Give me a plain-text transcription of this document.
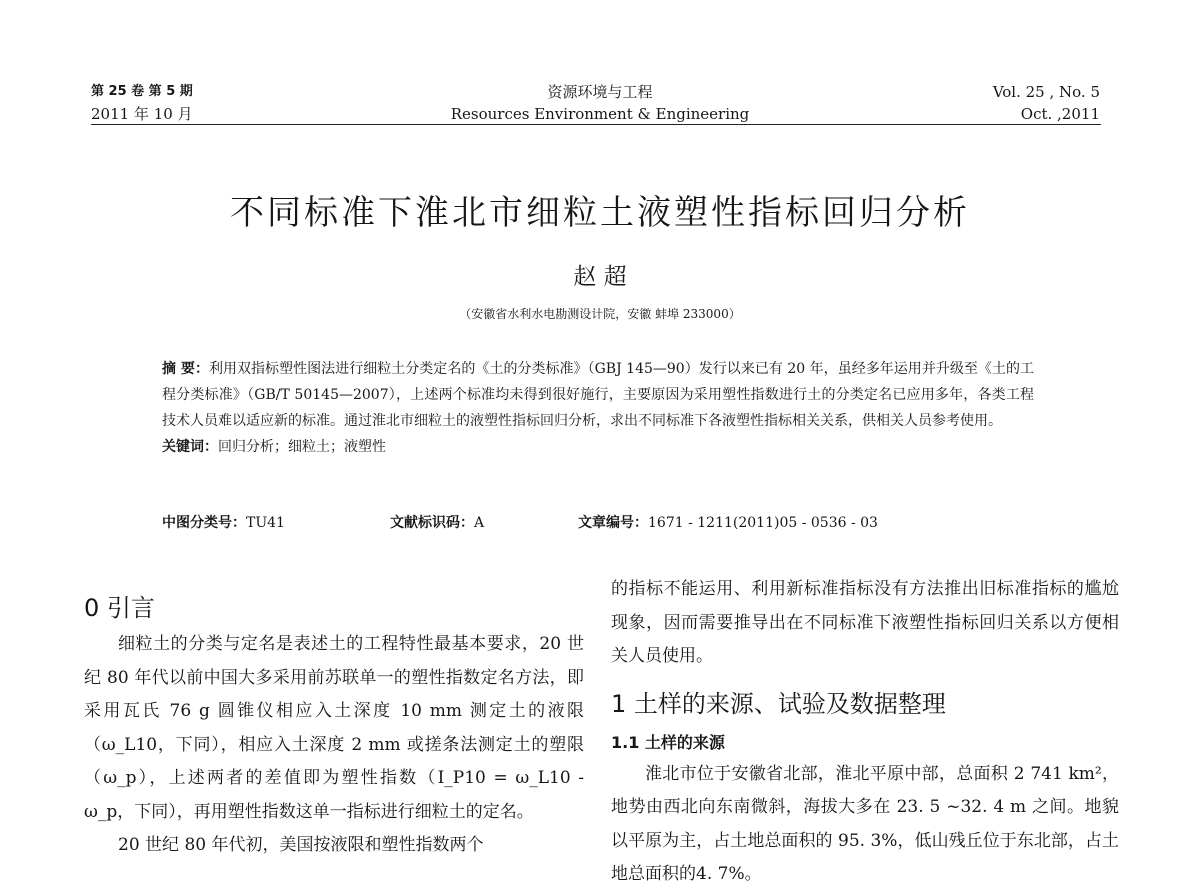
第 25 卷 第 5 期
2011 年 10 月
资源环境与工程
Resources Environment & Engineering
Vol. 25 , No. 5
Oct. ,2011
不同标准下淮北市细粒土液塑性指标回归分析
赵 超
（安徽省水利水电勘测设计院，安徽 蚌埠 233000）

摘 要：利用双指标塑性图法进行细粒土分类定名的《土的分类标准》（GBJ 145—90）发行以来已有 20 年，虽经多年运用并升级至《土的工程分类标准》（GB/T 50145—2007），上述两个标准均未得到很好施行，主要原因为采用塑性指数进行土的分类定名已应用多年，各类工程技术人员难以适应新的标准。通过淮北市细粒土的液塑性指标回归分析，求出不同标准下各液塑性指标相关关系，供相关人员参考使用。

关键词：回归分析；细粒土；液塑性

中图分类号：TU41	文献标识码：A	文章编号：1671 - 1211(2011)05 - 0536 - 03
0 引言

细粒土的分类与定名是表述土的工程特性最基本要求，20 世纪 80 年代以前中国大多采用前苏联单一的塑性指数定名方法，即采用瓦氏 76 g 圆锥仪相应入土深度 10 mm 测定土的液限（ω_L10，下同），相应入土深度 2 mm 或搓条法测定土的塑限（ω_p），上述两者的差值即为塑性指数（I_P10 = ω_L10 - ω_p，下同），再用塑性指数这单一指标进行细粒土的定名。

20 世纪 80 年代初，美国按液限和塑性指数两个

的指标不能运用、利用新标准指标没有方法推出旧标准指标的尴尬现象，因而需要推导出在不同标准下液塑性指标回归关系以方便相关人员使用。

1 土样的来源、试验及数据整理
1.1 土样的来源

淮北市位于安徽省北部，淮北平原中部，总面积 2 741 km²，地势由西北向东南微斜，海拔大多在 23. 5 ~32. 4 m 之间。地貌以平原为主，占土地总面积的 95. 3%，低山残丘位于东北部，占土地总面积的4. 7%。
